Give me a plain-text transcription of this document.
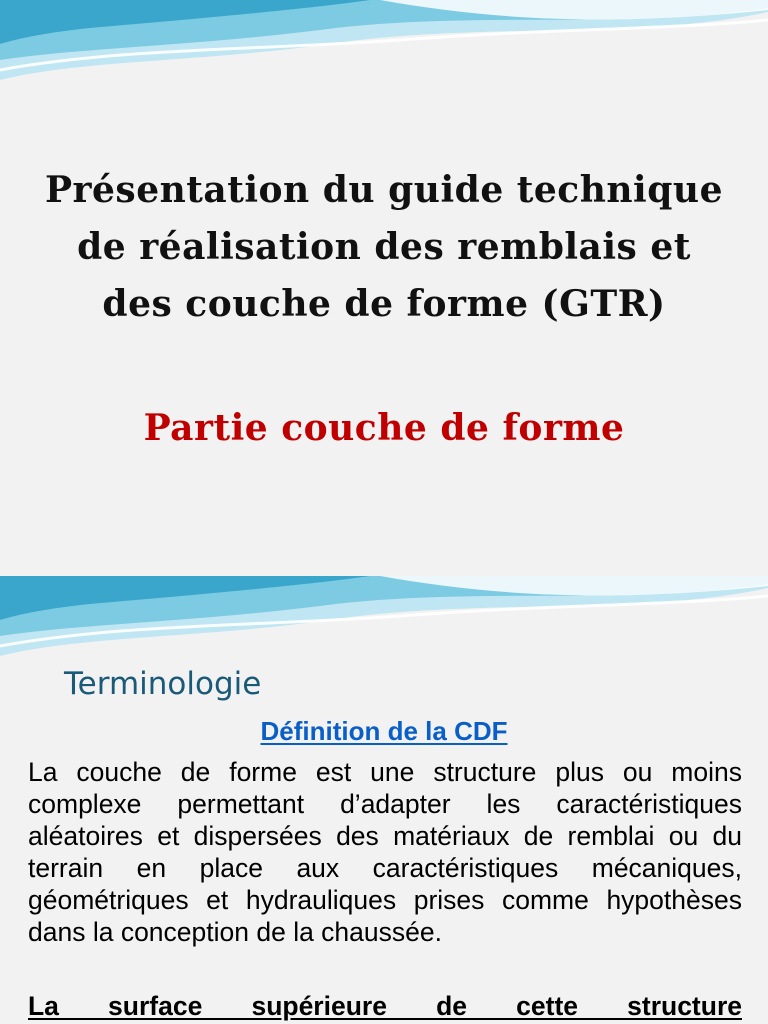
Présentation du guide technique de réalisation des remblais et des couche de forme (GTR)
Partie couche de forme
Terminologie
Définition de la CDF

La couche de forme est une structure plus ou moins complexe permettant d’adapter les caractéristiques aléatoires et dispersées des matériaux de remblai ou du terrain en place aux caractéristiques mécaniques, géométriques et hydrauliques prises comme hypothèses dans la conception de la chaussée.

La surface supérieure de cette structure
